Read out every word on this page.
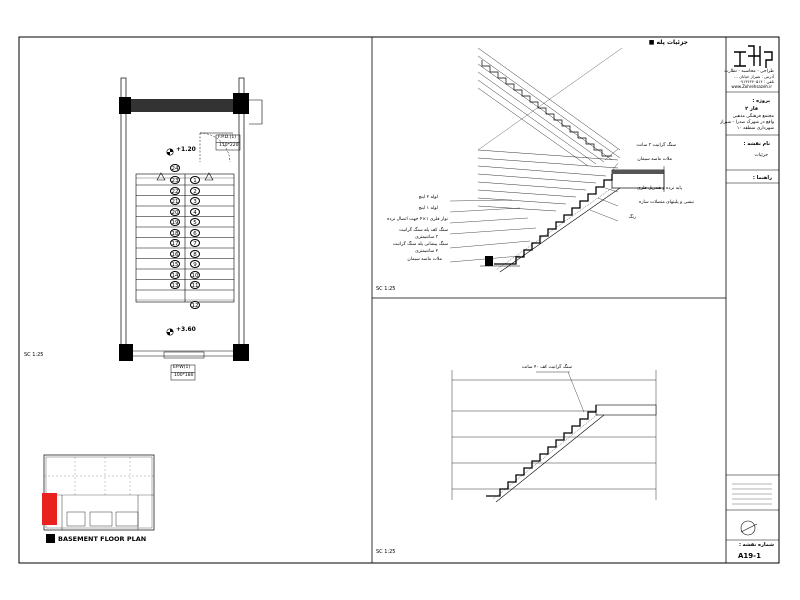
+1.20
+3.60
F.P.D.(1)
110*220
EP.W(1)
100*180
SC 1:25
24
23
22
21
20
19
18
17
16
15
14
13
12
1
2
3
4
5
6
7
8
9
10
11
BASEMENT FLOOR PLAN
جزئیات پله ■
SC 1:25
سنگ گرانیت ۳ سانت
ملات ماسه سیمان
پایه نرده و هندریل فلزی
نبشی و پلیتهای متصلات سازه
رنگ
لوله ۲ اینچ
لوله ۱ اینچ
نوار فلزی ۱×۴ جهت اتصال نرده
سنگ کف پله سنگ گرانیت
۳ سانتیمتری
سنگ پیشانی پله سنگ گرانیت
۲ سانتیمتری
ملات ماسه سیمان
سنگ گرانیت کف ۴۰ سانت
SC 1:25
طراحی - محاسبه - نظارت
آدرس : شیراز خیابان ...
تلفن : ۰۷۱۳۶۲۴۰۵۱۴
www.Zohrehsazeh.ir
پروژه :
فاز ۲
مجتمع فرهنگی مذهبی
واقع در شهرک صدرا - شیراز
شهرداری منطقه ۱۰
نام نقشه :
جزئیات
راهنما :
شماره نقشه :
A19-1
